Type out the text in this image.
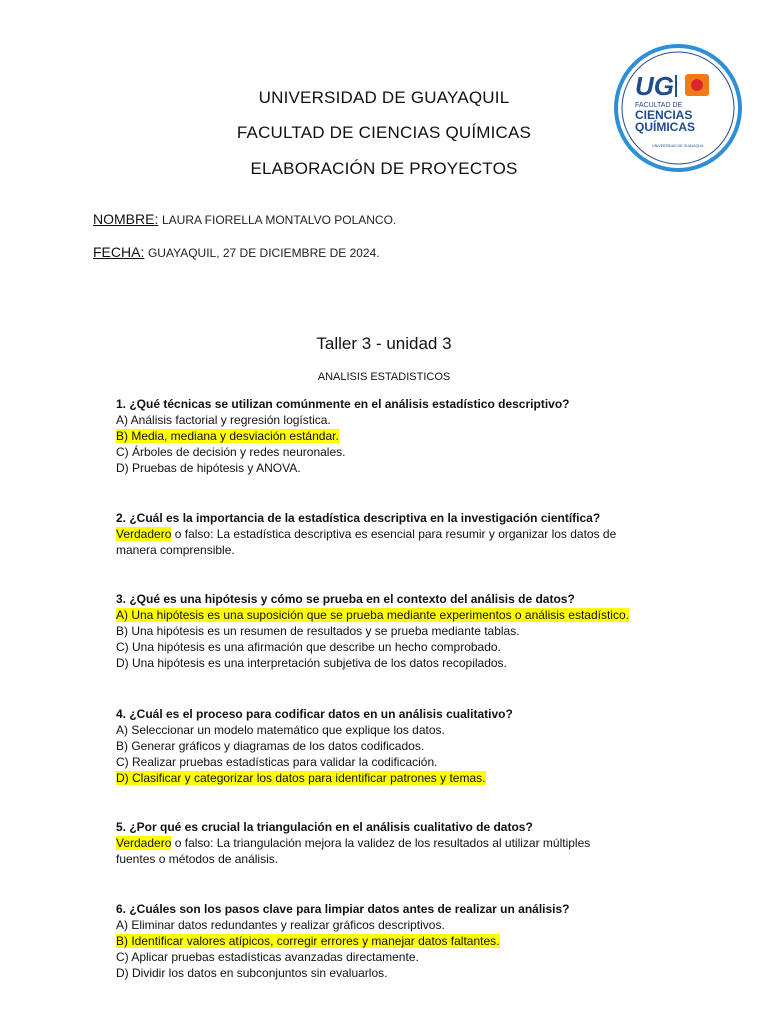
UNIVERSIDAD DE GUAYAQUIL
FACULTAD DE CIENCIAS QUÍMICAS
ELABORACIÓN DE PROYECTOS
UG
FACULTAD DE
CIENCIAS
QUÍMICAS
UNIVERSIDAD DE GUAYAQUIL
NOMBRE: LAURA FIORELLA MONTALVO POLANCO.
FECHA: GUAYAQUIL, 27 DE DICIEMBRE DE 2024.
Taller 3 - unidad 3
ANALISIS ESTADISTICOS
1. ¿Qué técnicas se utilizan comúnmente en el análisis estadístico descriptivo?
A) Análisis factorial y regresión logística.
B) Media, mediana y desviación estándar.
C) Árboles de decisión y redes neuronales.
D) Pruebas de hipótesis y ANOVA.
2. ¿Cuál es la importancia de la estadística descriptiva en la investigación científica?
Verdadero o falso: La estadística descriptiva es esencial para resumir y organizar los datos de
manera comprensible.
3. ¿Qué es una hipótesis y cómo se prueba en el contexto del análisis de datos?
A) Una hipótesis es una suposición que se prueba mediante experimentos o análisis estadístico.
B) Una hipótesis es un resumen de resultados y se prueba mediante tablas.
C) Una hipótesis es una afirmación que describe un hecho comprobado.
D) Una hipótesis es una interpretación subjetiva de los datos recopilados.
4. ¿Cuál es el proceso para codificar datos en un análisis cualitativo?
A) Seleccionar un modelo matemático que explique los datos.
B) Generar gráficos y diagramas de los datos codificados.
C) Realizar pruebas estadísticas para validar la codificación.
D) Clasificar y categorizar los datos para identificar patrones y temas.
5. ¿Por qué es crucial la triangulación en el análisis cualitativo de datos?
Verdadero o falso: La triangulación mejora la validez de los resultados al utilizar múltiples
fuentes o métodos de análisis.
6. ¿Cuáles son los pasos clave para limpiar datos antes de realizar un análisis?
A) Eliminar datos redundantes y realizar gráficos descriptivos.
B) Identificar valores atípicos, corregir errores y manejar datos faltantes.
C) Aplicar pruebas estadísticas avanzadas directamente.
D) Dividir los datos en subconjuntos sin evaluarlos.
